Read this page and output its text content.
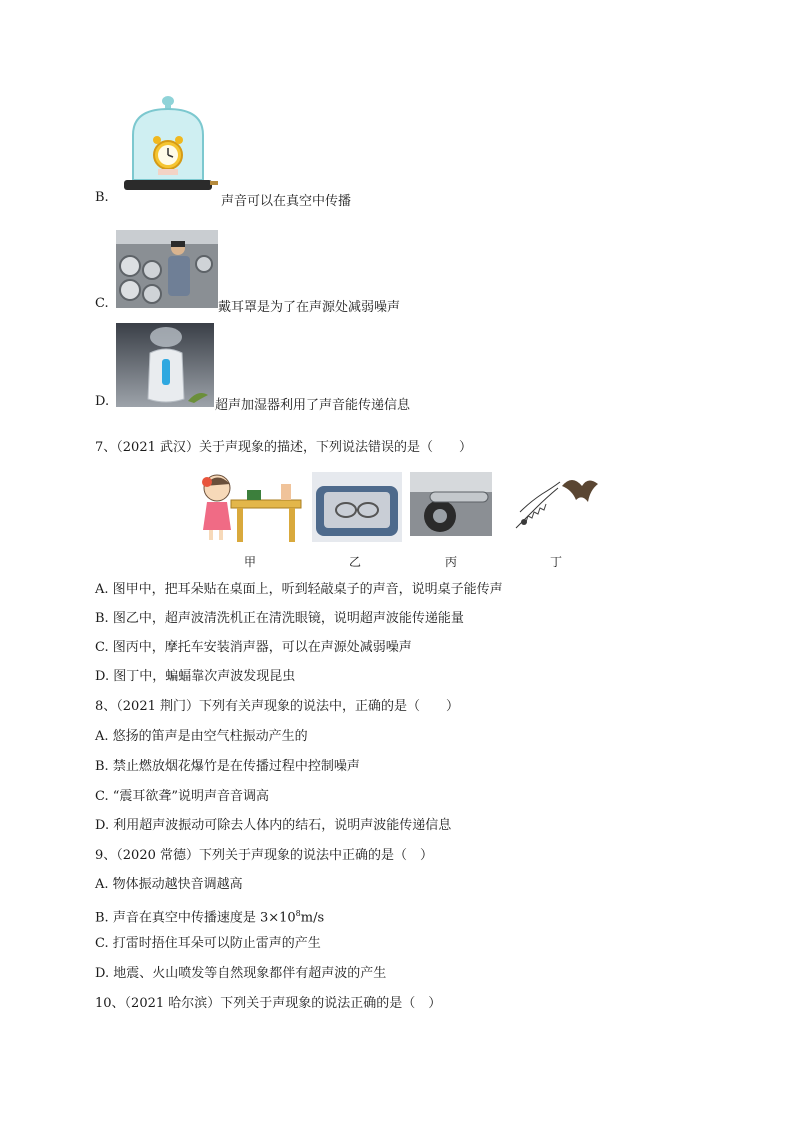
B.	声音可以在真空中传播
C.	戴耳罩是为了在声源处减弱噪声
D.	超声加湿器利用了声音能传递信息
7、（2021 武汉）关于声现象的描述，下列说法错误的是（　　）
甲	乙	丙	丁
A. 图甲中，把耳朵贴在桌面上，听到轻敲桌子的声音，说明桌子能传声
B. 图乙中，超声波清洗机正在清洗眼镜，说明超声波能传递能量
C. 图丙中，摩托车安装消声器，可以在声源处减弱噪声
D. 图丁中，蝙蝠靠次声波发现昆虫
8、（2021 荆门）下列有关声现象的说法中，正确的是（　　）
A. 悠扬的笛声是由空气柱振动产生的
B. 禁止燃放烟花爆竹是在传播过程中控制噪声
C. “震耳欲聋”说明声音音调高
D. 利用超声波振动可除去人体内的结石，说明声波能传递信息
9、（2020 常德）下列关于声现象的说法中正确的是（　）
A. 物体振动越快音调越高
B. 声音在真空中传播速度是 $3\times 10^8m/s$
C. 打雷时捂住耳朵可以防止雷声的产生
D. 地震、火山喷发等自然现象都伴有超声波的产生
10、（2021 哈尔滨）下列关于声现象的说法正确的是（　）
